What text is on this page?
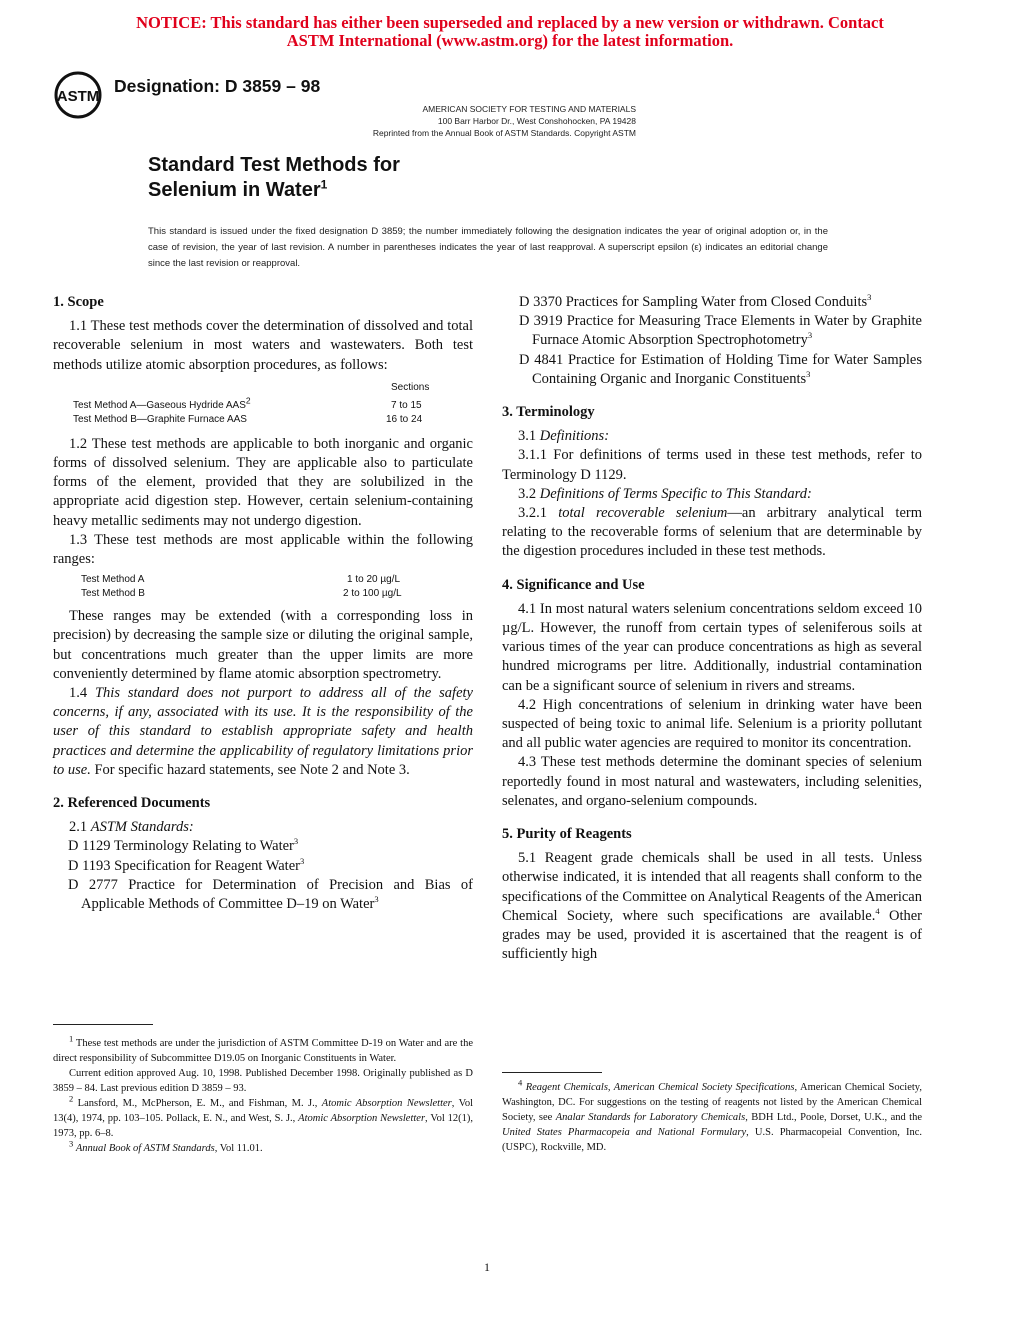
NOTICE: This standard has either been superseded and replaced by a new version or withdrawn. Contact
ASTM International (www.astm.org) for the latest information.
ASTM
Designation: D 3859 – 98
AMERICAN SOCIETY FOR TESTING AND MATERIALS
100 Barr Harbor Dr., West Conshohocken, PA 19428
Reprinted from the Annual Book of ASTM Standards. Copyright ASTM
Standard Test Methods for
Selenium in Water$^1$
This standard is issued under the fixed designation D 3859; the number immediately following the designation indicates the year of original adoption or, in the case of revision, the year of last revision. A number in parentheses indicates the year of last reapproval. A superscript epsilon (ε) indicates an editorial change since the last revision or reapproval.
1. Scope

1.1 These test methods cover the determination of dissolved and total recoverable selenium in most waters and wastewaters. Both test methods utilize atomic absorption procedures, as follows:

Sections
Test Method A—Gaseous Hydride AAS$^2$	7 to 15
Test Method B—Graphite Furnace AAS	16 to 24

1.2 These test methods are applicable to both inorganic and organic forms of dissolved selenium. They are applicable also to particulate forms of the element, provided that they are solubilized in the appropriate acid digestion step. However, certain selenium-containing heavy metallic sediments may not undergo digestion.

1.3 These test methods are most applicable within the following ranges:

Test Method A	1 to 20 µg/L
Test Method B	2 to 100 µg/L

These ranges may be extended (with a corresponding loss in precision) by decreasing the sample size or diluting the original sample, but concentrations much greater than the upper limits are more conveniently determined by flame atomic absorption spectrometry.

1.4 This standard does not purport to address all of the safety concerns, if any, associated with its use. It is the responsibility of the user of this standard to establish appropriate safety and health practices and determine the applicability of regulatory limitations prior to use. For specific hazard statements, see Note 2 and Note 3.

2. Referenced Documents

2.1 ASTM Standards:

D 1129 Terminology Relating to Water$^3$

D 1193 Specification for Reagent Water$^3$

D 2777 Practice for Determination of Precision and Bias of Applicable Methods of Committee D–19 on Water$^3$

$^1$ These test methods are under the jurisdiction of ASTM Committee D-19 on Water and are the direct responsibility of Subcommittee D19.05 on Inorganic Constituents in Water.

Current edition approved Aug. 10, 1998. Published December 1998. Originally published as D 3859 – 84. Last previous edition D 3859 – 93.

$^2$ Lansford, M., McPherson, E. M., and Fishman, M. J., Atomic Absorption Newsletter, Vol 13(4), 1974, pp. 103–105. Pollack, E. N., and West, S. J., Atomic Absorption Newsletter, Vol 12(1), 1973, pp. 6–8.

$^3$ Annual Book of ASTM Standards, Vol 11.01.

D 3370 Practices for Sampling Water from Closed Conduits$^3$

D 3919 Practice for Measuring Trace Elements in Water by Graphite Furnace Atomic Absorption Spectrophotometry$^3$

D 4841 Practice for Estimation of Holding Time for Water Samples Containing Organic and Inorganic Constituents$^3$

3. Terminology

3.1 Definitions:

3.1.1 For definitions of terms used in these test methods, refer to Terminology D 1129.

3.2 Definitions of Terms Specific to This Standard:

3.2.1 total recoverable selenium—an arbitrary analytical term relating to the recoverable forms of selenium that are determinable by the digestion procedures included in these test methods.

4. Significance and Use

4.1 In most natural waters selenium concentrations seldom exceed 10 µg/L. However, the runoff from certain types of seleniferous soils at various times of the year can produce concentrations as high as several hundred micrograms per litre. Additionally, industrial contamination can be a significant source of selenium in rivers and streams.

4.2 High concentrations of selenium in drinking water have been suspected of being toxic to animal life. Selenium is a priority pollutant and all public water agencies are required to monitor its concentration.

4.3 These test methods determine the dominant species of selenium reportedly found in most natural and wastewaters, including selenities, selenates, and organo-selenium compounds.

5. Purity of Reagents

5.1 Reagent grade chemicals shall be used in all tests. Unless otherwise indicated, it is intended that all reagents shall conform to the specifications of the Committee on Analytical Reagents of the American Chemical Society, where such specifications are available.$^4$ Other grades may be used, provided it is ascertained that the reagent is of sufficiently high

$^4$ Reagent Chemicals, American Chemical Society Specifications, American Chemical Society, Washington, DC. For suggestions on the testing of reagents not listed by the American Chemical Society, see Analar Standards for Laboratory Chemicals, BDH Ltd., Poole, Dorset, U.K., and the United States Pharmacopeia and National Formulary, U.S. Pharmacopeial Convention, Inc. (USPC), Rockville, MD.

1
